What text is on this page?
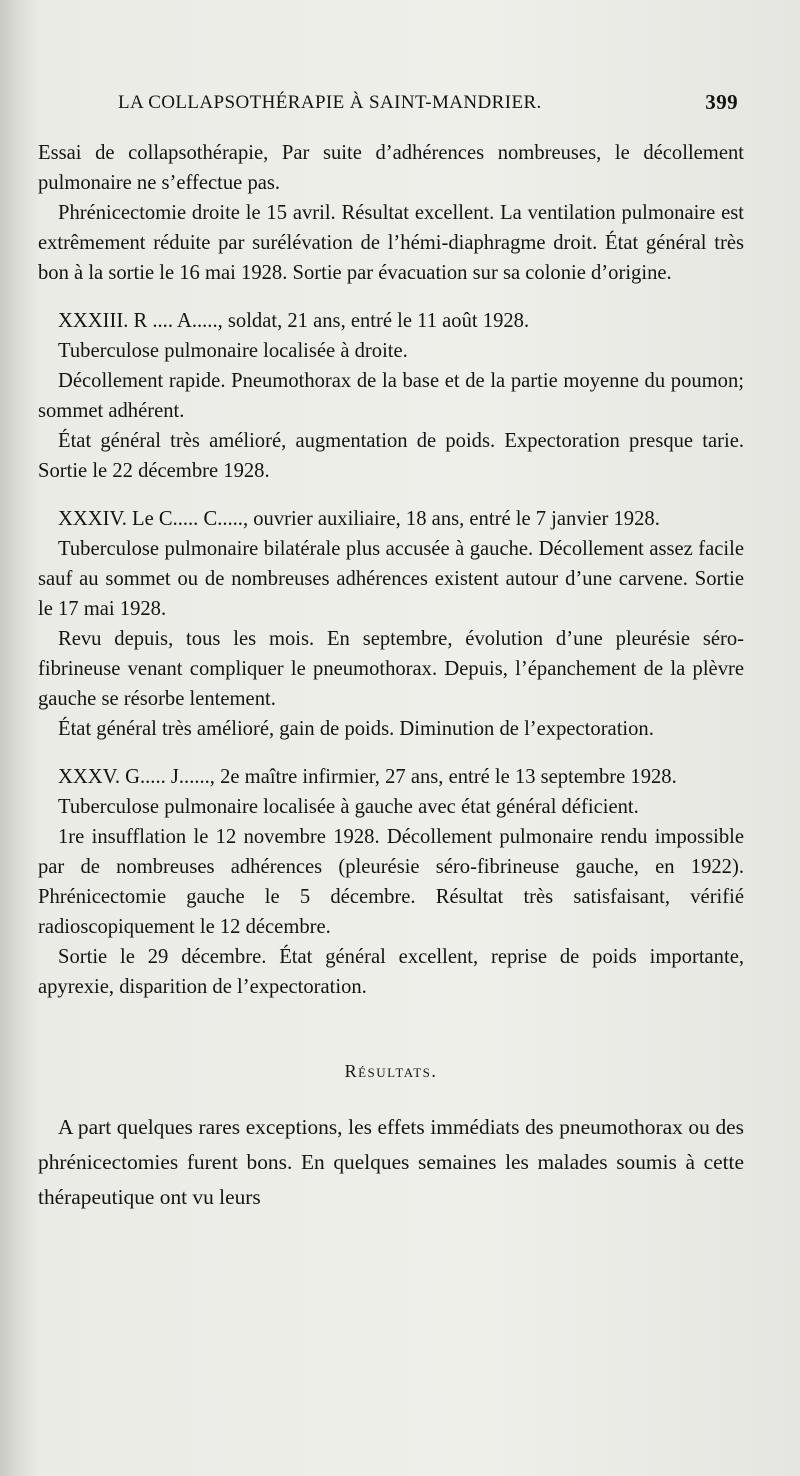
LA COLLAPSOTHÉRAPIE À SAINT-MANDRIER.	399

Essai de collapsothérapie, Par suite d’adhérences nombreuses, le décollement pulmonaire ne s’effectue pas.

Phrénicectomie droite le 15 avril. Résultat excellent. La ventilation pulmonaire est extrêmement réduite par surélévation de l’hémi-diaphragme droit. État général très bon à la sortie le 16 mai 1928. Sortie par évacuation sur sa colonie d’origine.

XXXIII. R .... A....., soldat, 21 ans, entré le 11 août 1928.

Tuberculose pulmonaire localisée à droite.

Décollement rapide. Pneumothorax de la base et de la partie moyenne du poumon; sommet adhérent.

État général très amélioré, augmentation de poids. Expectoration presque tarie. Sortie le 22 décembre 1928.

XXXIV. Le C..... C....., ouvrier auxiliaire, 18 ans, entré le 7 janvier 1928.

Tuberculose pulmonaire bilatérale plus accusée à gauche. Décollement assez facile sauf au sommet ou de nombreuses adhérences existent autour d’une carvene. Sortie le 17 mai 1928.

Revu depuis, tous les mois. En septembre, évolution d’une pleurésie séro-fibrineuse venant compliquer le pneumothorax. Depuis, l’épanchement de la plèvre gauche se résorbe lentement.

État général très amélioré, gain de poids. Diminution de l’expectoration.

XXXV. G..... J......, 2e maître infirmier, 27 ans, entré le 13 septembre 1928.

Tuberculose pulmonaire localisée à gauche avec état général déficient.

1re insufflation le 12 novembre 1928. Décollement pulmonaire rendu impossible par de nombreuses adhérences (pleurésie séro-fibrineuse gauche, en 1922). Phrénicectomie gauche le 5 décembre. Résultat très satisfaisant, vérifié radioscopiquement le 12 décembre.

Sortie le 29 décembre. État général excellent, reprise de poids importante, apyrexie, disparition de l’expectoration.

Résultats.

A part quelques rares exceptions, les effets immédiats des pneumothorax ou des phrénicectomies furent bons. En quelques semaines les malades soumis à cette thérapeutique ont vu leurs
